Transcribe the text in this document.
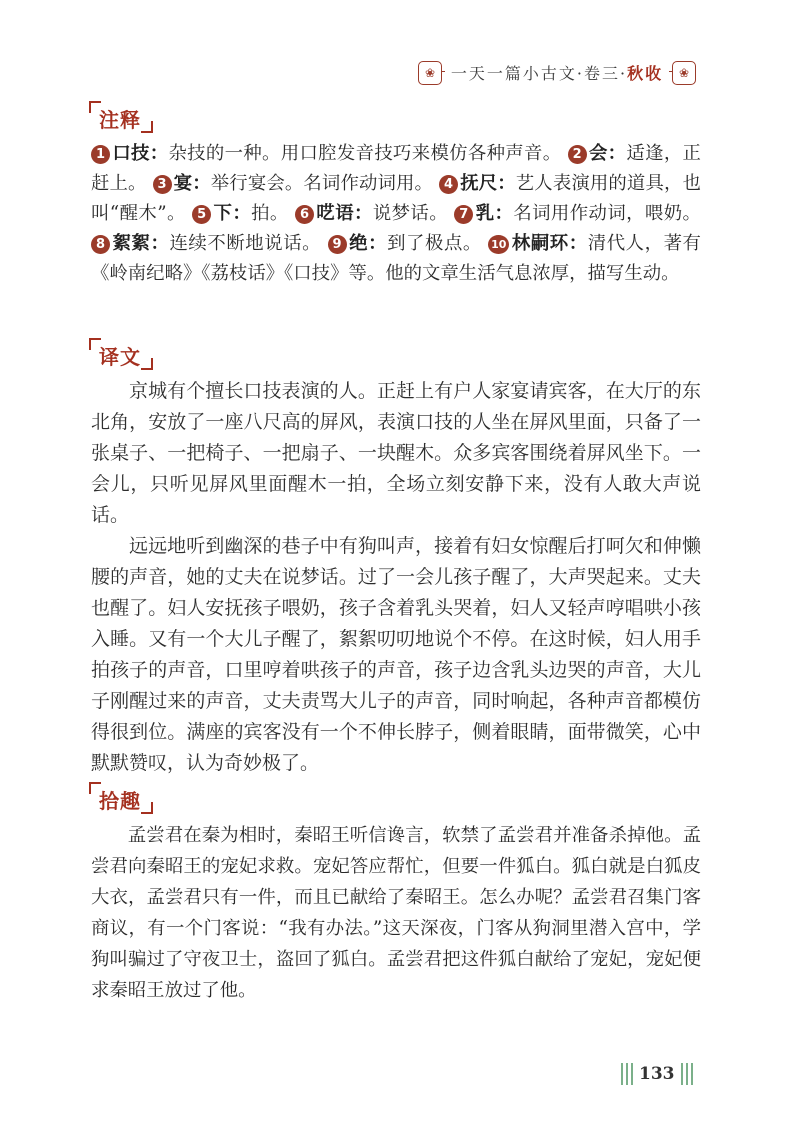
❀ 一天一篇小古文·卷三·秋收	❀
注释
1 口技：杂技的一种。用口腔发音技巧来模仿各种声音。 2 会：适逢，正赶上。 3 宴：举行宴会。名词作动词用。 4 抚尺：艺人表演用的道具，也叫“醒木”。 5 下：拍。 6 呓语：说梦话。 7 乳：名词用作动词，喂奶。 8 絮絮：连续不断地说话。 9 绝：到了极点。 10 林嗣环：清代人，著有《岭南纪略》《荔枝话》《口技》等。他的文章生活气息浓厚，描写生动。
译文

京城有个擅长口技表演的人。正赶上有户人家宴请宾客，在大厅的东北角，安放了一座八尺高的屏风，表演口技的人坐在屏风里面，只备了一张桌子、一把椅子、一把扇子、一块醒木。众多宾客围绕着屏风坐下。一会儿，只听见屏风里面醒木一拍，全场立刻安静下来，没有人敢大声说话。

远远地听到幽深的巷子中有狗叫声，接着有妇女惊醒后打呵欠和伸懒腰的声音，她的丈夫在说梦话。过了一会儿孩子醒了，大声哭起来。丈夫也醒了。妇人安抚孩子喂奶，孩子含着乳头哭着，妇人又轻声哼唱哄小孩入睡。又有一个大儿子醒了，絮絮叨叨地说个不停。在这时候，妇人用手拍孩子的声音，口里哼着哄孩子的声音，孩子边含乳头边哭的声音，大儿子刚醒过来的声音，丈夫责骂大儿子的声音，同时响起，各种声音都模仿得很到位。满座的宾客没有一个不伸长脖子，侧着眼睛，面带微笑，心中默默赞叹，认为奇妙极了。

拾趣

孟尝君在秦为相时，秦昭王听信谗言，软禁了孟尝君并准备杀掉他。孟尝君向秦昭王的宠妃求救。宠妃答应帮忙，但要一件狐白。狐白就是白狐皮大衣，孟尝君只有一件，而且已献给了秦昭王。怎么办呢？孟尝君召集门客商议，有一个门客说：“我有办法。”这天深夜，门客从狗洞里潜入宫中，学狗叫骗过了守夜卫士，盗回了狐白。孟尝君把这件狐白献给了宠妃，宠妃便求秦昭王放过了他。

133
